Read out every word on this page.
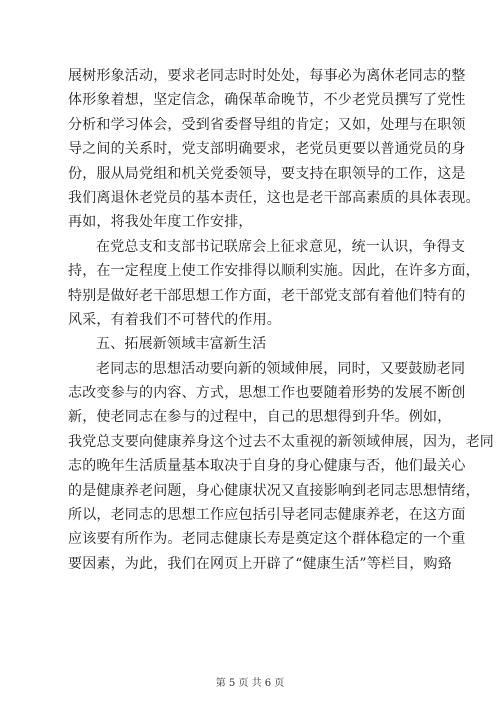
展树形象活动，要求老同志时时处处，每事必为离休老同志的整
体形象着想，坚定信念，确保革命晚节，不少老党员撰写了党性
分析和学习体会，受到省委督导组的肯定；又如，处理与在职领
导之间的关系时，党支部明确要求，老党员更要以普通党员的身
份，服从局党组和机关党委领导，要支持在职领导的工作，这是
我们离退休老党员的基本责任，这也是老干部高素质的具体表现。
再如，将我处年度工作安排，
在党总支和支部书记联席会上征求意见，统一认识，争得支
持，在一定程度上使工作安排得以顺利实施。因此，在许多方面，
特别是做好老干部思想工作方面，老干部党支部有着他们特有的
风采，有着我们不可替代的作用。
五、拓展新领域丰富新生活
老同志的思想活动要向新的领域伸展，同时，又要鼓励老同
志改变参与的内容、方式，思想工作也要随着形势的发展不断创
新，使老同志在参与的过程中，自己的思想得到升华。例如，
我党总支要向健康养身这个过去不太重视的新领域伸展，因为，老同
志的晚年生活质量基本取决于自身的身心健康与否，他们最关心
的是健康养老问题，身心健康状况又直接影响到老同志思想情绪，
所以，老同志的思想工作应包括引导老同志健康养老，在这方面
应该要有所作为。老同志健康长寿是奠定这个群体稳定的一个重
要因素，为此，我们在网页上开辟了“健康生活”等栏目，购臵
第 5 页 共 6 页
